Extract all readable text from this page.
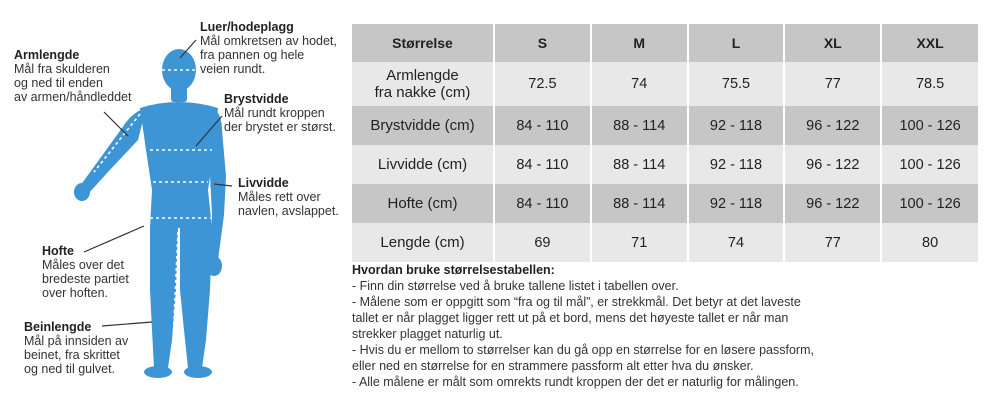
Luer/hodeplagg
Mål omkretsen av hodet,
fra pannen og hele
veien rundt.
Armlengde
Mål fra skulderen
og ned til enden
av armen/håndleddet	Brystvidde
Mål rundt kroppen
der brystet er størst.
Livvidde
Måles rett over
navlen, avslappet.
Hofte
Måles over det
bredeste partiet
over hoften.
Beinlengde
Mål på innsiden av
beinet, fra skrittet
og ned til gulvet.
Størrelse	S	M	L	XL	XXL
Armlengde
fra nakke (cm)	72.5	74	75.5	77	78.5
Brystvidde (cm)	84 - 110	88 - 114	92 - 118	96 - 122	100 - 126
Livvidde (cm)	84 - 110	88 - 114	92 - 118	96 - 122	100 - 126
Hofte (cm)	84 - 110	88 - 114	92 - 118	96 - 122	100 - 126
Lengde (cm)	69	71	74	77	80
Hvordan bruke størrelsestabellen:
- Finn din størrelse ved å bruke tallene listet i tabellen over.
- Målene som er oppgitt som “fra og til mål”, er strekkmål. Det betyr at det laveste
tallet er når plagget ligger rett ut på et bord, mens det høyeste tallet er når man
strekker plagget naturlig ut.
- Hvis du er mellom to størrelser kan du gå opp en størrelse for en løsere passform,
eller ned en størrelse for en strammere passform alt etter hva du ønsker.
- Alle målene er målt som omrekts rundt kroppen der det er naturlig for målingen.
